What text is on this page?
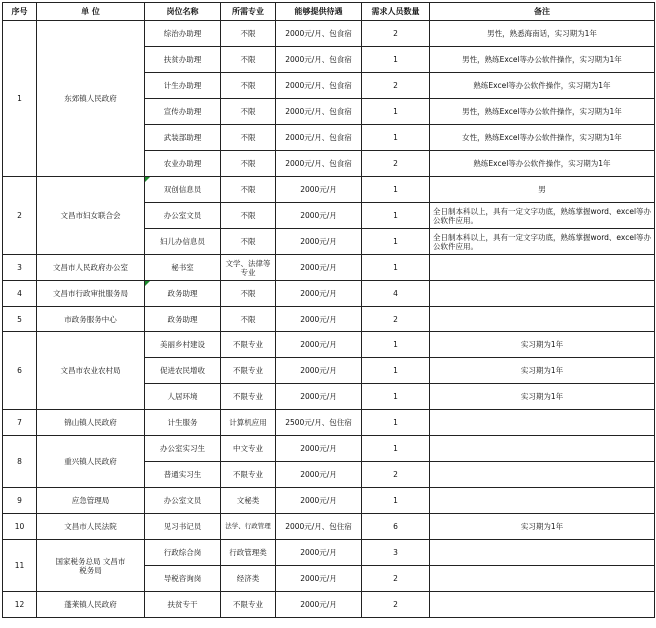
序号	单 位	岗位名称	所需专业	能够提供待遇	需求人员数量	备注
1	东郊镇人民政府	综治办助理	不限	2000元/月、包食宿	2	男性，熟悉海南话，实习期为1年
		扶贫办助理	不限	2000元/月、包食宿	1	男性，熟练Excel等办公软件操作，实习期为1年
		计生办助理	不限	2000元/月、包食宿	2	熟练Excel等办公软件操作，实习期为1年
		宣传办助理	不限	2000元/月、包食宿	1	男性，熟练Excel等办公软件操作，实习期为1年
		武装部助理	不限	2000元/月、包食宿	1	女性，熟练Excel等办公软件操作，实习期为1年
		农业办助理	不限	2000元/月、包食宿	2	熟练Excel等办公软件操作，实习期为1年
2	文昌市妇女联合会	双创信息员	不限	2000元/月	1	男
		办公室文员	不限	2000元/月	1	全日制本科以上，具有一定文字功底，熟练掌握word、excel等办公软件应用。
		妇儿办信息员	不限	2000元/月	1	全日制本科以上，具有一定文字功底，熟练掌握word、excel等办公软件应用。
3	文昌市人民政府办公室	秘书室	文学、法律等专业	2000元/月	1	
4	文昌市行政审批服务局	政务助理	不限	2000元/月	4	
5	市政务服务中心	政务助理	不限	2000元/月	2	
6	文昌市农业农村局	美丽乡村建设	不限专业	2000元/月	1	实习期为1年
		促进农民增收	不限专业	2000元/月	1	实习期为1年
		人居环境	不限专业	2000元/月	1	实习期为1年
7	锦山镇人民政府	计生服务	计算机应用	2500元/月、包住宿	1	
8	重兴镇人民政府	办公室实习生	中文专业	2000元/月	1	
		普通实习生	不限专业	2000元/月	2	
9	应急管理局	办公室文员	文秘类	2000元/月	1	
10	文昌市人民法院	见习书记员	法学、行政管理	2000元/月、包住宿	6	实习期为1年
11	国家税务总局 文昌市税务局	行政综合岗	行政管理类	2000元/月	3	
		导税咨询岗	经济类	2000元/月	2	
12	蓬莱镇人民政府	扶贫专干	不限专业	2000元/月	2	
